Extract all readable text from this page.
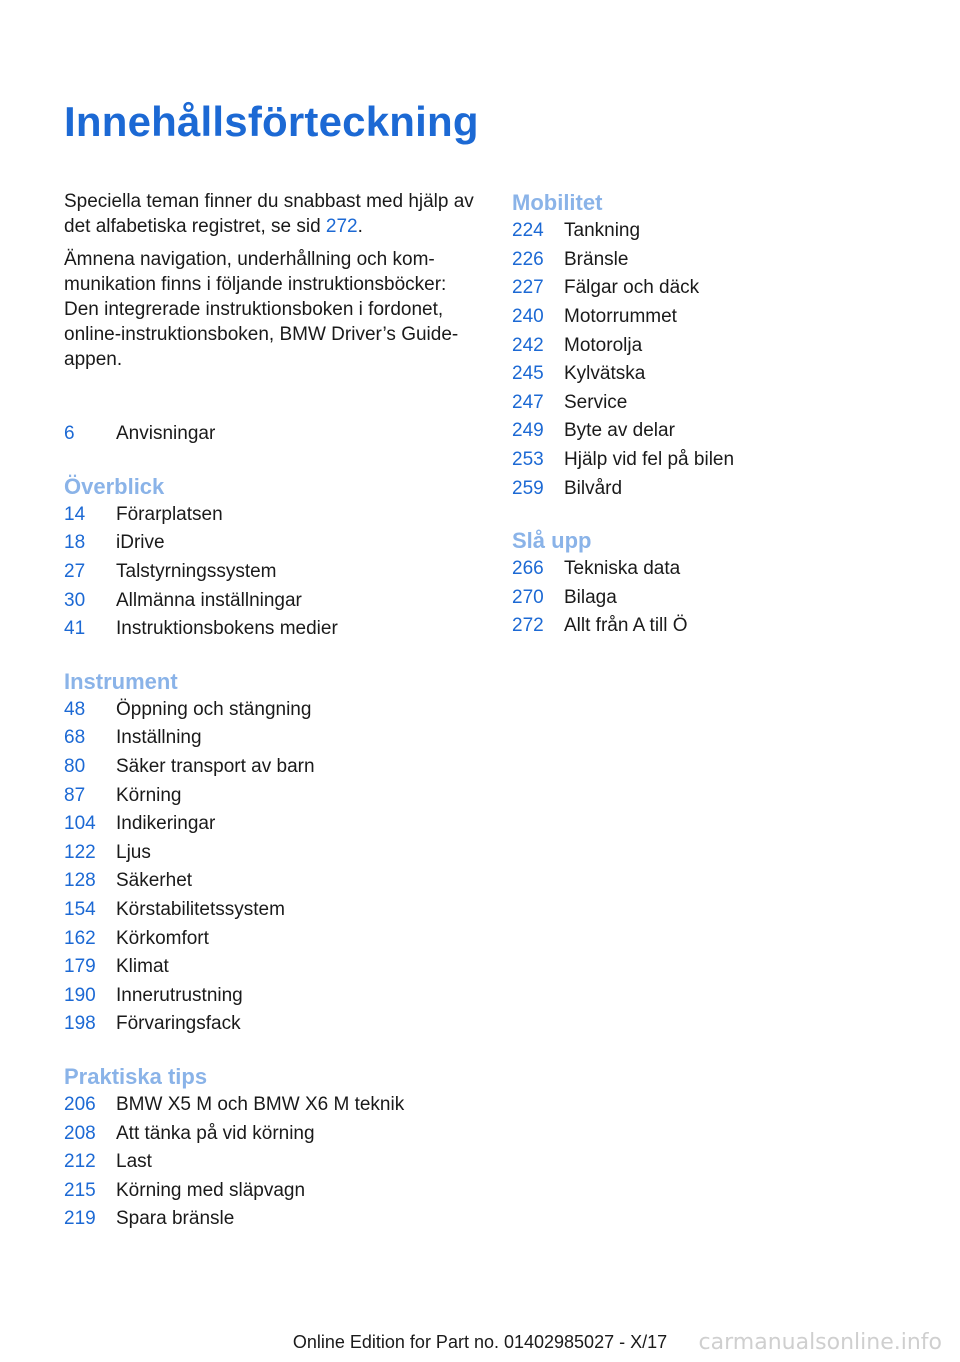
Innehållsförteckning

Speciella teman finner du snabbast med hjälp av det alfabetiska registret, se sid 272.

Ämnena navigation, underhållning och kommunikation finns i följande instruktionsböcker: Den integrerade instruktionsboken i fordonet, online-instruktionsboken, BMW Driver’s Guide-appen.

6	Anvisningar
Överblick
14	Förarplatsen
18	iDrive
27	Talstyrningssystem
30	Allmänna inställningar
41	Instruktionsbokens medier
Instrument
48	Öppning och stängning
68	Inställning
80	Säker transport av barn
87	Körning
104	Indikeringar
122	Ljus
128	Säkerhet
154	Körstabilitetssystem
162	Körkomfort
179	Klimat
190	Innerutrustning
198	Förvaringsfack
Praktiska tips
206	BMW X5 M och BMW X6 M teknik
208	Att tänka på vid körning
212	Last
215	Körning med släpvagn
219	Spara bränsle
Mobilitet
224	Tankning
226	Bränsle
227	Fälgar och däck
240	Motorrummet
242	Motorolja
245	Kylvätska
247	Service
249	Byte av delar
253	Hjälp vid fel på bilen
259	Bilvård
Slå upp
266	Tekniska data
270	Bilaga
272	Allt från A till Ö
Online Edition for Part no. 01402985027 - X/17	carmanualsonline.info
